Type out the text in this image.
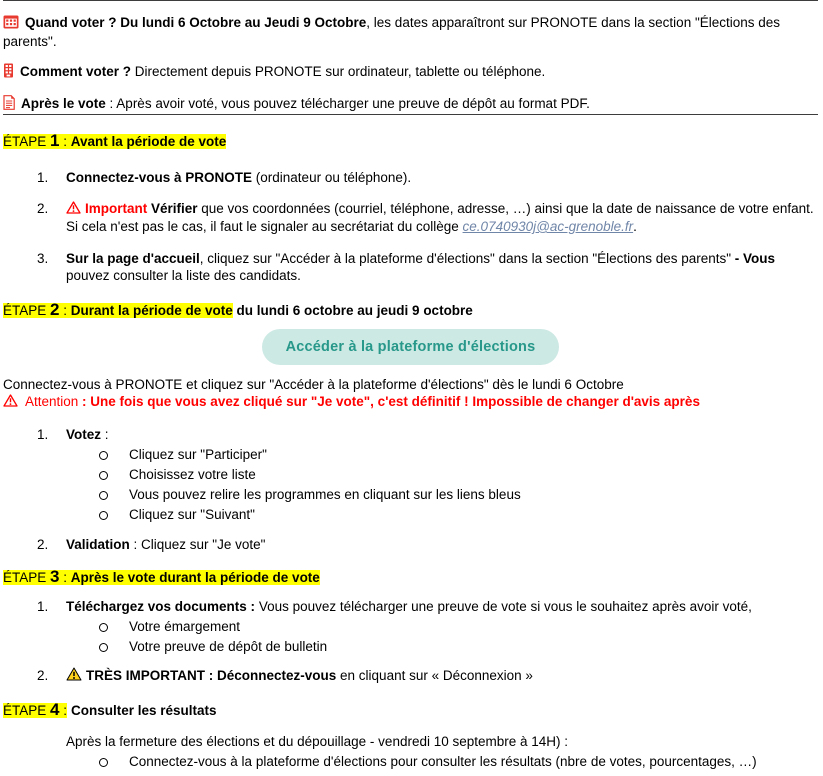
Quand voter ? Du lundi 6 Octobre au Jeudi 9 Octobre, les dates apparaîtront sur PRONOTE dans la section "Élections des parents".

Comment voter ? Directement depuis PRONOTE sur ordinateur, tablette ou téléphone.

Après le vote : Après avoir voté, vous pouvez télécharger une preuve de dépôt au format PDF.

ÉTAPE 1 : Avant la période de vote

1.	Connectez-vous à PRONOTE (ordinateur ou téléphone).
2.	Important Vérifier que vos coordonnées (courriel, téléphone, adresse, …) ainsi que la date de naissance de votre enfant. Si cela n'est pas le cas, il faut le signaler au secrétariat du collège ce.0740930j@ac-grenoble.fr.
3.	Sur la page d'accueil, cliquez sur "Accéder à la plateforme d'élections" dans la section "Élections des parents" - Vous pouvez consulter la liste des candidats.

ÉTAPE 2 : Durant la période de vote du lundi 6 octobre au jeudi 9 octobre

Accéder à la plateforme d'élections

Connectez-vous à PRONOTE et cliquez sur "Accéder à la plateforme d'élections" dès le lundi 6 Octobre

Attention : Une fois que vous avez cliqué sur "Je vote", c'est définitif ! Impossible de changer d'avis après

1.	Votez :
Cliquez sur "Participer"
Choisissez votre liste
Vous pouvez relire les programmes en cliquant sur les liens bleus
Cliquez sur "Suivant"
2.	Validation : Cliquez sur "Je vote"

ÉTAPE 3 : Après le vote durant la période de vote

1.	Téléchargez vos documents : Vous pouvez télécharger une preuve de vote si vous le souhaitez après avoir voté,
Votre émargement
Votre preuve de dépôt de bulletin
2.	TRÈS IMPORTANT : Déconnectez-vous en cliquant sur « Déconnexion »

ÉTAPE 4 : Consulter les résultats

Après la fermeture des élections et du dépouillage - vendredi 10 septembre à 14H) :

Connectez-vous à la plateforme d'élections pour consulter les résultats (nbre de votes, pourcentages, …)
